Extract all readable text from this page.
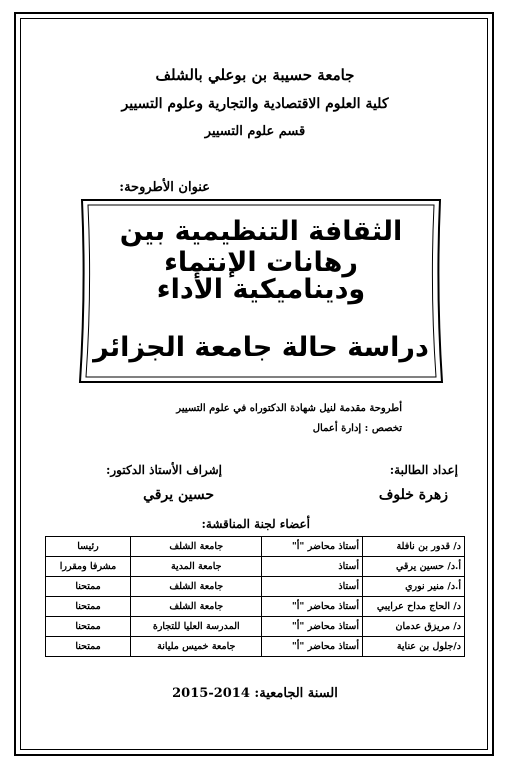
جامعة حسيبة بن بوعلي بالشلف
كلية العلوم الاقتصادية والتجارية وعلوم التسيير
قسم علوم التسيير
عنوان الأطروحة:
الثقافة التنظيمية بين رهانات الإنتماء
وديناميكية الأداء
دراسة حالة جامعة الجزائر
أطروحة مقدمة لنيل شهادة الدكتوراه في علوم التسيير
تخصص : إدارة أعمال
إعداد الطالبة:
إشراف الأستاذ الدكتور:
زهرة خلوف
حسين يرقي
أعضاء لجنة المناقشة:
د/ قدور بن نافلة	أستاذ محاضر "أ"	جامعة الشلف	رئيسا
أ.د/ حسين يرقي	أستاذ	جامعة المدية	مشرفا ومقررا
أ.د/ منير نوري	أستاذ	جامعة الشلف	ممتحنا
د/ الحاج مداح عرايبي	أستاذ محاضر "أ"	جامعة الشلف	ممتحنا
د/ مريزق عدمان	أستاذ محاضر "أ"	المدرسة العليا للتجارة	ممتحنا
د/جلول بن عناية	أستاذ محاضر "أ"	جامعة خميس مليانة	ممتحنا
السنة الجامعية: 2014-2015
